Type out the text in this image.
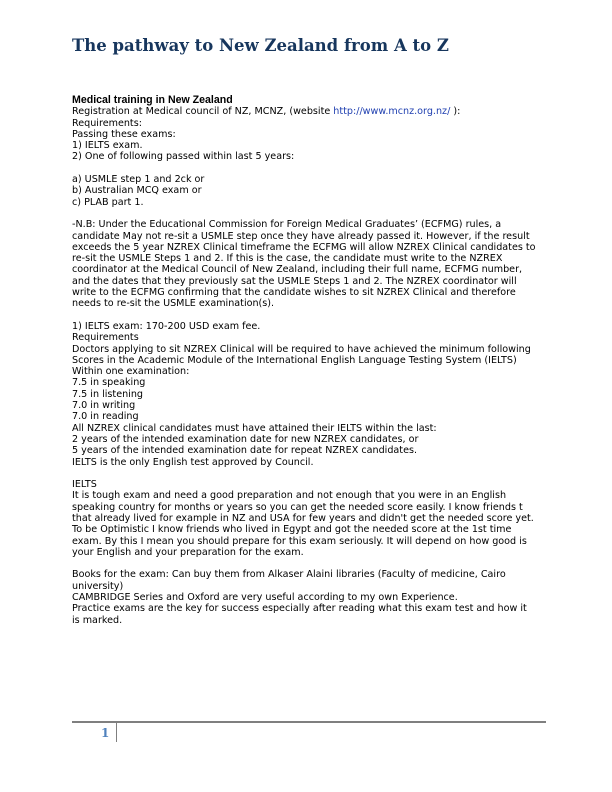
The pathway to New Zealand from A to Z

Medical training in New Zealand

Registration at Medical council of NZ, MCNZ, (website http://www.mcnz.org.nz/ ):

Requirements:

Passing these exams:

1) IELTS exam.

2) One of following passed within last 5 years:

a) USMLE step 1 and 2ck or

b) Australian MCQ exam or

c) PLAB part 1.

-N.B: Under the Educational Commission for Foreign Medical Graduates’ (ECFMG) rules, a

candidate May not re-sit a USMLE step once they have already passed it. However, if the result

exceeds the 5 year NZREX Clinical timeframe the ECFMG will allow NZREX Clinical candidates to

re-sit the USMLE Steps 1 and 2. If this is the case, the candidate must write to the NZREX

coordinator at the Medical Council of New Zealand, including their full name, ECFMG number,

and the dates that they previously sat the USMLE Steps 1 and 2. The NZREX coordinator will

write to the ECFMG confirming that the candidate wishes to sit NZREX Clinical and therefore

needs to re-sit the USMLE examination(s).

1) IELTS exam: 170-200 USD exam fee.

Requirements

Doctors applying to sit NZREX Clinical will be required to have achieved the minimum following

Scores in the Academic Module of the International English Language Testing System (IELTS)

Within one examination:

7.5 in speaking

7.5 in listening

7.0 in writing

7.0 in reading

All NZREX clinical candidates must have attained their IELTS within the last:

2 years of the intended examination date for new NZREX candidates, or

5 years of the intended examination date for repeat NZREX candidates.

IELTS is the only English test approved by Council.

IELTS

It is tough exam and need a good preparation and not enough that you were in an English

speaking country for months or years so you can get the needed score easily. I know friends t

that already lived for example in NZ and USA for few years and didn't get the needed score yet.

To be Optimistic I know friends who lived in Egypt and got the needed score at the 1st time

exam. By this I mean you should prepare for this exam seriously. It will depend on how good is

your English and your preparation for the exam.

Books for the exam: Can buy them from Alkaser Alaini libraries (Faculty of medicine, Cairo

university)

CAMBRIDGE Series and Oxford are very useful according to my own Experience.

Practice exams are the key for success especially after reading what this exam test and how it

is marked.

1
